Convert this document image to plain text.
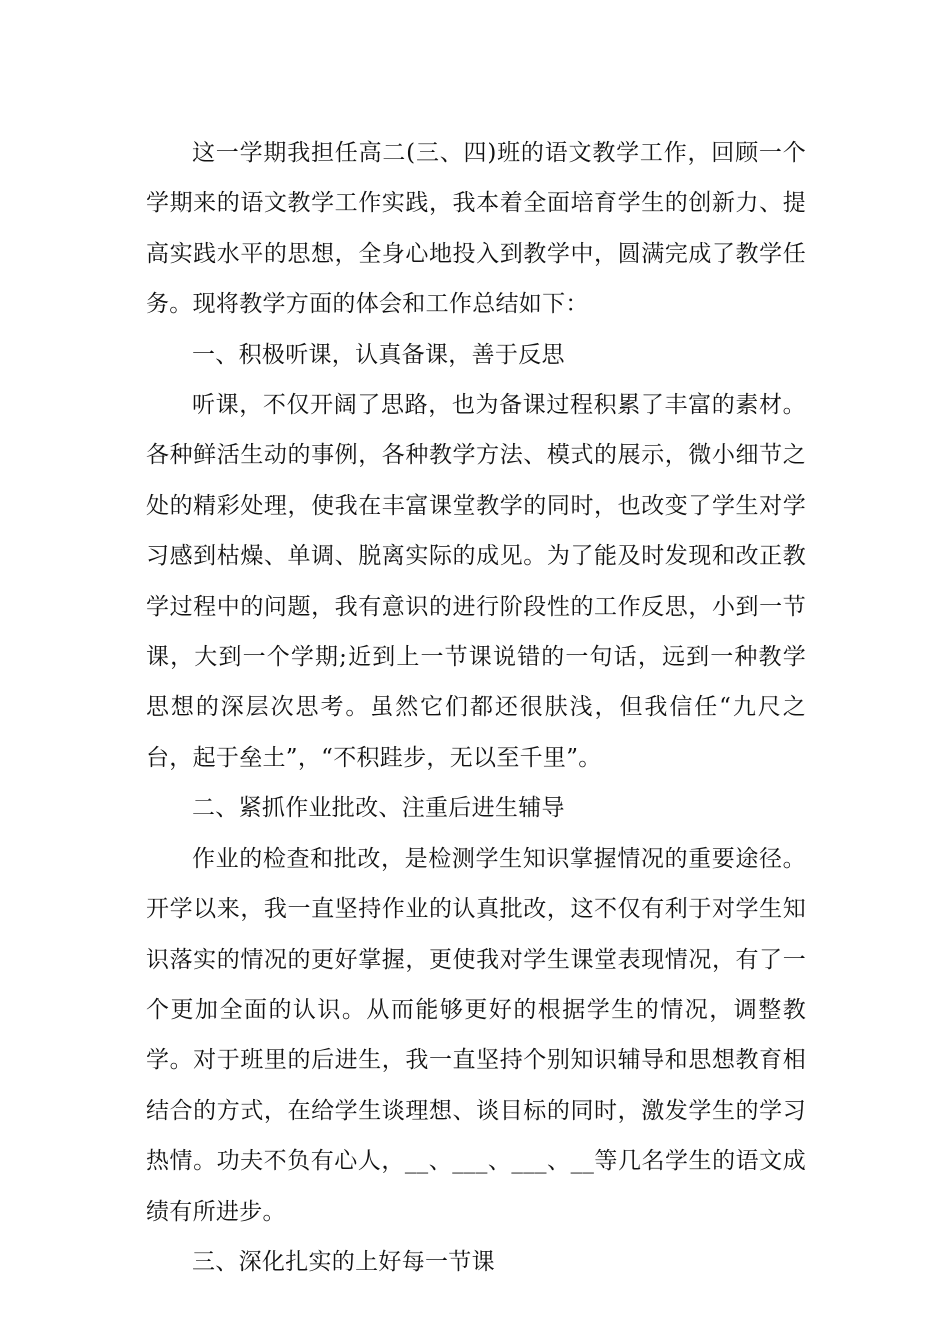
这一学期我担任高二(三、四)班的语文教学工作，回顾一个学期来的语文教学工作实践，我本着全面培育学生的创新力、提高实践水平的思想，全身心地投入到教学中，圆满完成了教学任务。现将教学方面的体会和工作总结如下：

一、积极听课，认真备课，善于反思

听课，不仅开阔了思路，也为备课过程积累了丰富的素材。各种鲜活生动的事例，各种教学方法、模式的展示，微小细节之处的精彩处理，使我在丰富课堂教学的同时，也改变了学生对学习感到枯燥、单调、脱离实际的成见。为了能及时发现和改正教学过程中的问题，我有意识的进行阶段性的工作反思，小到一节课，大到一个学期;近到上一节课说错的一句话，远到一种教学思想的深层次思考。虽然它们都还很肤浅，但我信任“九尺之台，起于垒土”，“不积跬步，无以至千里”。

二、紧抓作业批改、注重后进生辅导

作业的检查和批改，是检测学生知识掌握情况的重要途径。开学以来，我一直坚持作业的认真批改，这不仅有利于对学生知识落实的情况的更好掌握，更使我对学生课堂表现情况，有了一个更加全面的认识。从而能够更好的根据学生的情况，调整教学。对于班里的后进生，我一直坚持个别知识辅导和思想教育相结合的方式，在给学生谈理想、谈目标的同时，激发学生的学习热情。功夫不负有心人，__、___、___、__等几名学生的语文成绩有所进步。

三、深化扎实的上好每一节课
